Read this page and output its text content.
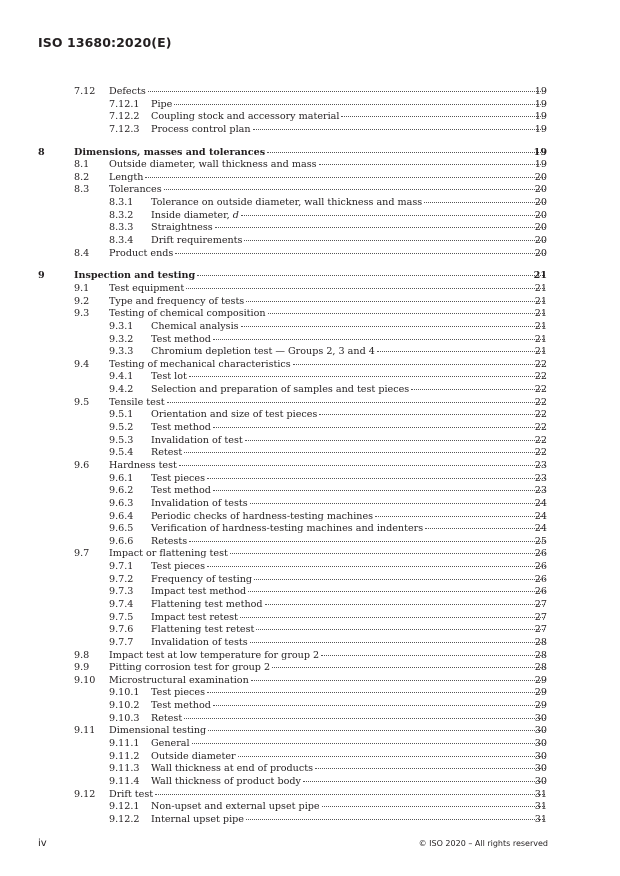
ISO 13680:2020(E)
7.12 Defects	19
7.12.1 Pipe	19
7.12.2 Coupling stock and accessory material	19
7.12.3 Process control plan	19
8	Dimensions, masses and tolerances	19
8.1 Outside diameter, wall thickness and mass	19
8.2 Length	20
8.3 Tolerances	20
8.3.1 Tolerance on outside diameter, wall thickness and mass	20
8.3.2 Inside diameter, d	20
8.3.3 Straightness	20
8.3.4 Drift requirements	20
8.4 Product ends	20
9	Inspection and testing	21
9.1 Test equipment	21
9.2 Type and frequency of tests	21
9.3 Testing of chemical composition	21
9.3.1 Chemical analysis	21
9.3.2 Test method	21
9.3.3 Chromium depletion test — Groups 2, 3 and 4	21
9.4 Testing of mechanical characteristics	22
9.4.1 Test lot	22
9.4.2 Selection and preparation of samples and test pieces	22
9.5 Tensile test	22
9.5.1 Orientation and size of test pieces	22
9.5.2 Test method	22
9.5.3 Invalidation of test	22
9.5.4 Retest	22
9.6 Hardness test	23
9.6.1 Test pieces	23
9.6.2 Test method	23
9.6.3 Invalidation of tests	24
9.6.4 Periodic checks of hardness-testing machines	24
9.6.5 Verification of hardness-testing machines and indenters	24
9.6.6 Retests	25
9.7 Impact or flattening test	26
9.7.1 Test pieces	26
9.7.2 Frequency of testing	26
9.7.3 Impact test method	26
9.7.4 Flattening test method	27
9.7.5 Impact test retest	27
9.7.6 Flattening test retest	27
9.7.7 Invalidation of tests	28
9.8 Impact test at low temperature for group 2	28
9.9 Pitting corrosion test for group 2	28
9.10 Microstructural examination	29
9.10.1 Test pieces	29
9.10.2 Test method	29
9.10.3 Retest	30
9.11 Dimensional testing	30
9.11.1 General	30
9.11.2 Outside diameter	30
9.11.3 Wall thickness at end of products	30
9.11.4 Wall thickness of product body	30
9.12 Drift test	31
9.12.1 Non-upset and external upset pipe	31
9.12.2 Internal upset pipe	31
iv	© ISO 2020 – All rights reserved
